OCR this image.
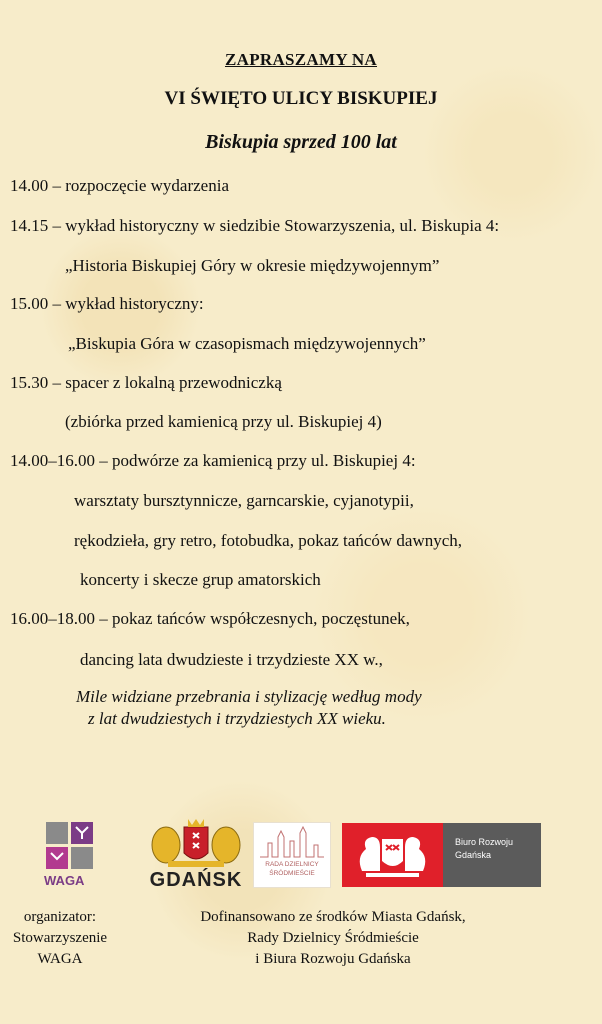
ZAPRASZAMY NA
VI ŚWIĘTO ULICY BISKUPIEJ
Biskupia sprzed 100 lat
14.00 – rozpoczęcie wydarzenia
14.15 – wykład historyczny w siedzibie Stowarzyszenia, ul. Biskupia 4:
„Historia Biskupiej Góry w okresie międzywojennym”
15.00 – wykład historyczny:
„Biskupia Góra w czasopismach międzywojennych”
15.30 – spacer z lokalną przewodniczką
(zbiórka przed kamienicą przy ul. Biskupiej 4)
14.00–16.00 – podwórze za kamienicą przy ul. Biskupiej 4:
warsztaty bursztynnicze, garncarskie, cyjanotypii,
rękodzieła, gry retro, fotobudka, pokaz tańców dawnych,
koncerty i skecze grup amatorskich
16.00–18.00 – pokaz tańców współczesnych, poczęstunek,
dancing lata dwudzieste i trzydzieste XX w.,
Mile widziane przebrania i stylizację według mody
z lat dwudziestych i trzydziestych XX wieku.
WAGA	GDAŃSK
RADA DZIELNICY
ŚRÓDMIEŚCIE
Biuro Rozwoju
Gdańska
organizator:
Stowarzyszenie
WAGA
Dofinansowano ze środków Miasta Gdańsk,
Rady Dzielnicy Śródmieście
i Biura Rozwoju Gdańska
